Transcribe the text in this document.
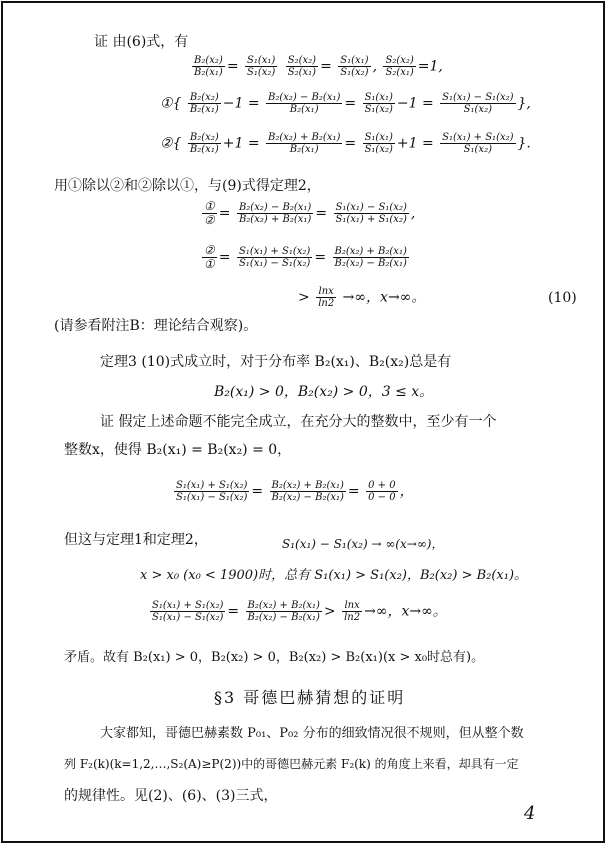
证 由(6)式，有
$\frac{\text{B₂(x₂)}}{\text{B₂(x₁)}} = \frac{\text{S₁(x₁)}}{\text{S₁(x₂)}}$
$\frac{\text{S₂(x₂)}}{\text{S₂(x₁)}} = \frac{\text{S₁(x₁)}}{\text{S₁(x₂)}}$ , $\frac{\text{S₂(x₂)}}{\text{S₂(x₁)}} =1$,
①{ $\frac{\text{B₂(x₂)}}{\text{B₂(x₁)}} -1 = \frac{\text{B₂(x₂) − B₂(x₁)}}{\text{B₂(x₁)}} = \frac{\text{S₁(x₁)}}{\text{S₁(x₂)}} -1 = \frac{\text{S₁(x₁) − S₁(x₂)}}{\text{S₁(x₂)}}$ },
②{ $\frac{\text{B₂(x₂)}}{\text{B₂(x₁)}} +1 = \frac{\text{B₂(x₂) + B₂(x₁)}}{\text{B₂(x₁)}} = \frac{\text{S₁(x₁)}}{\text{S₁(x₂)}} +1 = \frac{\text{S₁(x₁) + S₁(x₂)}}{\text{S₁(x₂)}}$ }.
用①除以②和②除以①，与(9)式得定理2，
$\frac{\text{①}}{\text{②}} = \frac{\text{B₂(x₂) − B₂(x₁)}}{\text{B₂(x₂) + B₂(x₁)}} = \frac{\text{S₁(x₁) − S₁(x₂)}}{\text{S₁(x₁) + S₁(x₂)}}$ ,
$\frac{\text{②}}{\text{①}} = \frac{\text{S₁(x₁) + S₁(x₂)}}{\text{S₁(x₁) − S₁(x₂)}} = \frac{\text{B₂(x₂) + B₂(x₁)}}{\text{B₂(x₂) − B₂(x₁)}}$
> $\frac{\ln x}{\ln 2}$ →∞，x→∞。	(10)
(请参看附注B：理论结合观察)。
定理3 (10)式成立时，对于分布率 B₂(x₁)、B₂(x₂)总是有
B₂(x₁) > 0，B₂(x₂) > 0，3 ≤ x。
证 假定上述命题不能完全成立，在充分大的整数中，至少有一个
整数x，使得 B₂(x₁) = B₂(x₂) = 0，
$\frac{\text{S₁(x₁) + S₁(x₂)}}{\text{S₁(x₁) − S₁(x₂)}} = \frac{\text{B₂(x₂) + B₂(x₁)}}{\text{B₂(x₂) − B₂(x₁)}} = \frac{0 + 0}{0 - 0}$ ，
但这与定理1和定理2，	S₁(x₁) − S₁(x₂) → ∞(x→∞)，
x > x₀ (x₀ < 1900)时，总有 S₁(x₁) > S₁(x₂)，B₂(x₂) > B₂(x₁)。
$\frac{\text{S₁(x₁) + S₁(x₂)}}{\text{S₁(x₁) − S₁(x₂)}} = \frac{\text{B₂(x₂) + B₂(x₁)}}{\text{B₂(x₂) − B₂(x₁)}} > \frac{\ln x}{\ln 2}$ →∞，x→∞。
矛盾。故有 B₂(x₁) > 0，B₂(x₂) > 0，B₂(x₂) > B₂(x₁)(x > x₀时总有)。
§3 哥德巴赫猜想的证明
大家都知，哥德巴赫素数 P₀₁、P₀₂ 分布的细致情况很不规则，但从整个数
列 F₂(k)(k=1,2,…,S₂(A)≥P(2))中的哥德巴赫元素 F₂(k) 的角度上来看，却具有一定
的规律性。见(2)、(6)、(3)三式，
4
